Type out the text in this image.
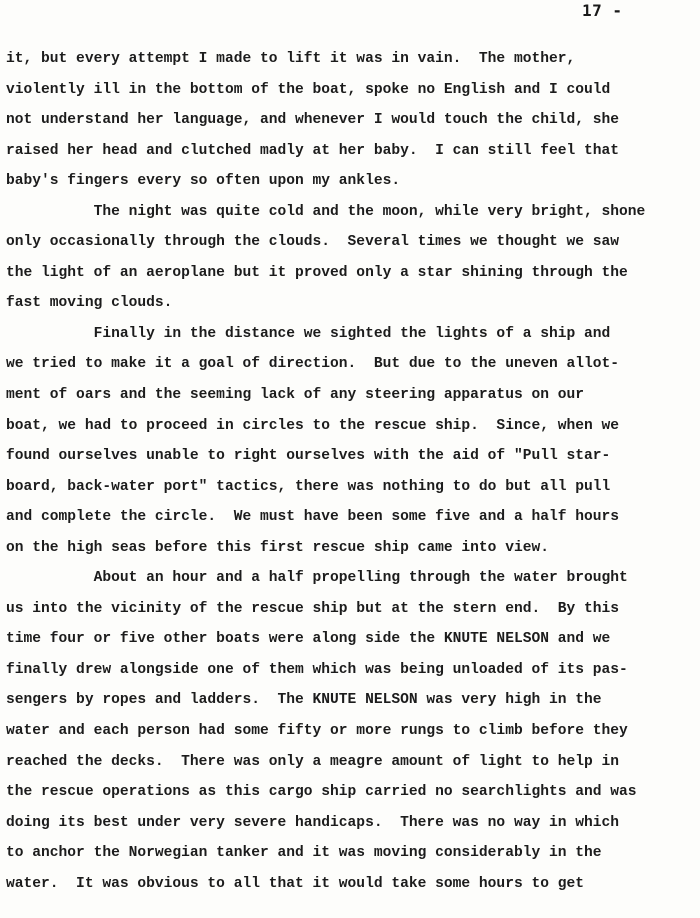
17 -
it, but every attempt I made to lift it was in vain.  The mother,
violently ill in the bottom of the boat, spoke no English and I could
not understand her language, and whenever I would touch the child, she
raised her head and clutched madly at her baby.  I can still feel that
baby's fingers every so often upon my ankles.
The night was quite cold and the moon, while very bright, shone
only occasionally through the clouds.  Several times we thought we saw
the light of an aeroplane but it proved only a star shining through the
fast moving clouds.
Finally in the distance we sighted the lights of a ship and
we tried to make it a goal of direction.  But due to the uneven allot-
ment of oars and the seeming lack of any steering apparatus on our
boat, we had to proceed in circles to the rescue ship.  Since, when we
found ourselves unable to right ourselves with the aid of "Pull star-
board, back-water port" tactics, there was nothing to do but all pull
and complete the circle.  We must have been some five and a half hours
on the high seas before this first rescue ship came into view.
About an hour and a half propelling through the water brought
us into the vicinity of the rescue ship but at the stern end.  By this
time four or five other boats were along side the KNUTE NELSON and we
finally drew alongside one of them which was being unloaded of its pas-
sengers by ropes and ladders.  The KNUTE NELSON was very high in the
water and each person had some fifty or more rungs to climb before they
reached the decks.  There was only a meagre amount of light to help in
the rescue operations as this cargo ship carried no searchlights and was
doing its best under very severe handicaps.  There was no way in which
to anchor the Norwegian tanker and it was moving considerably in the
water.  It was obvious to all that it would take some hours to get
